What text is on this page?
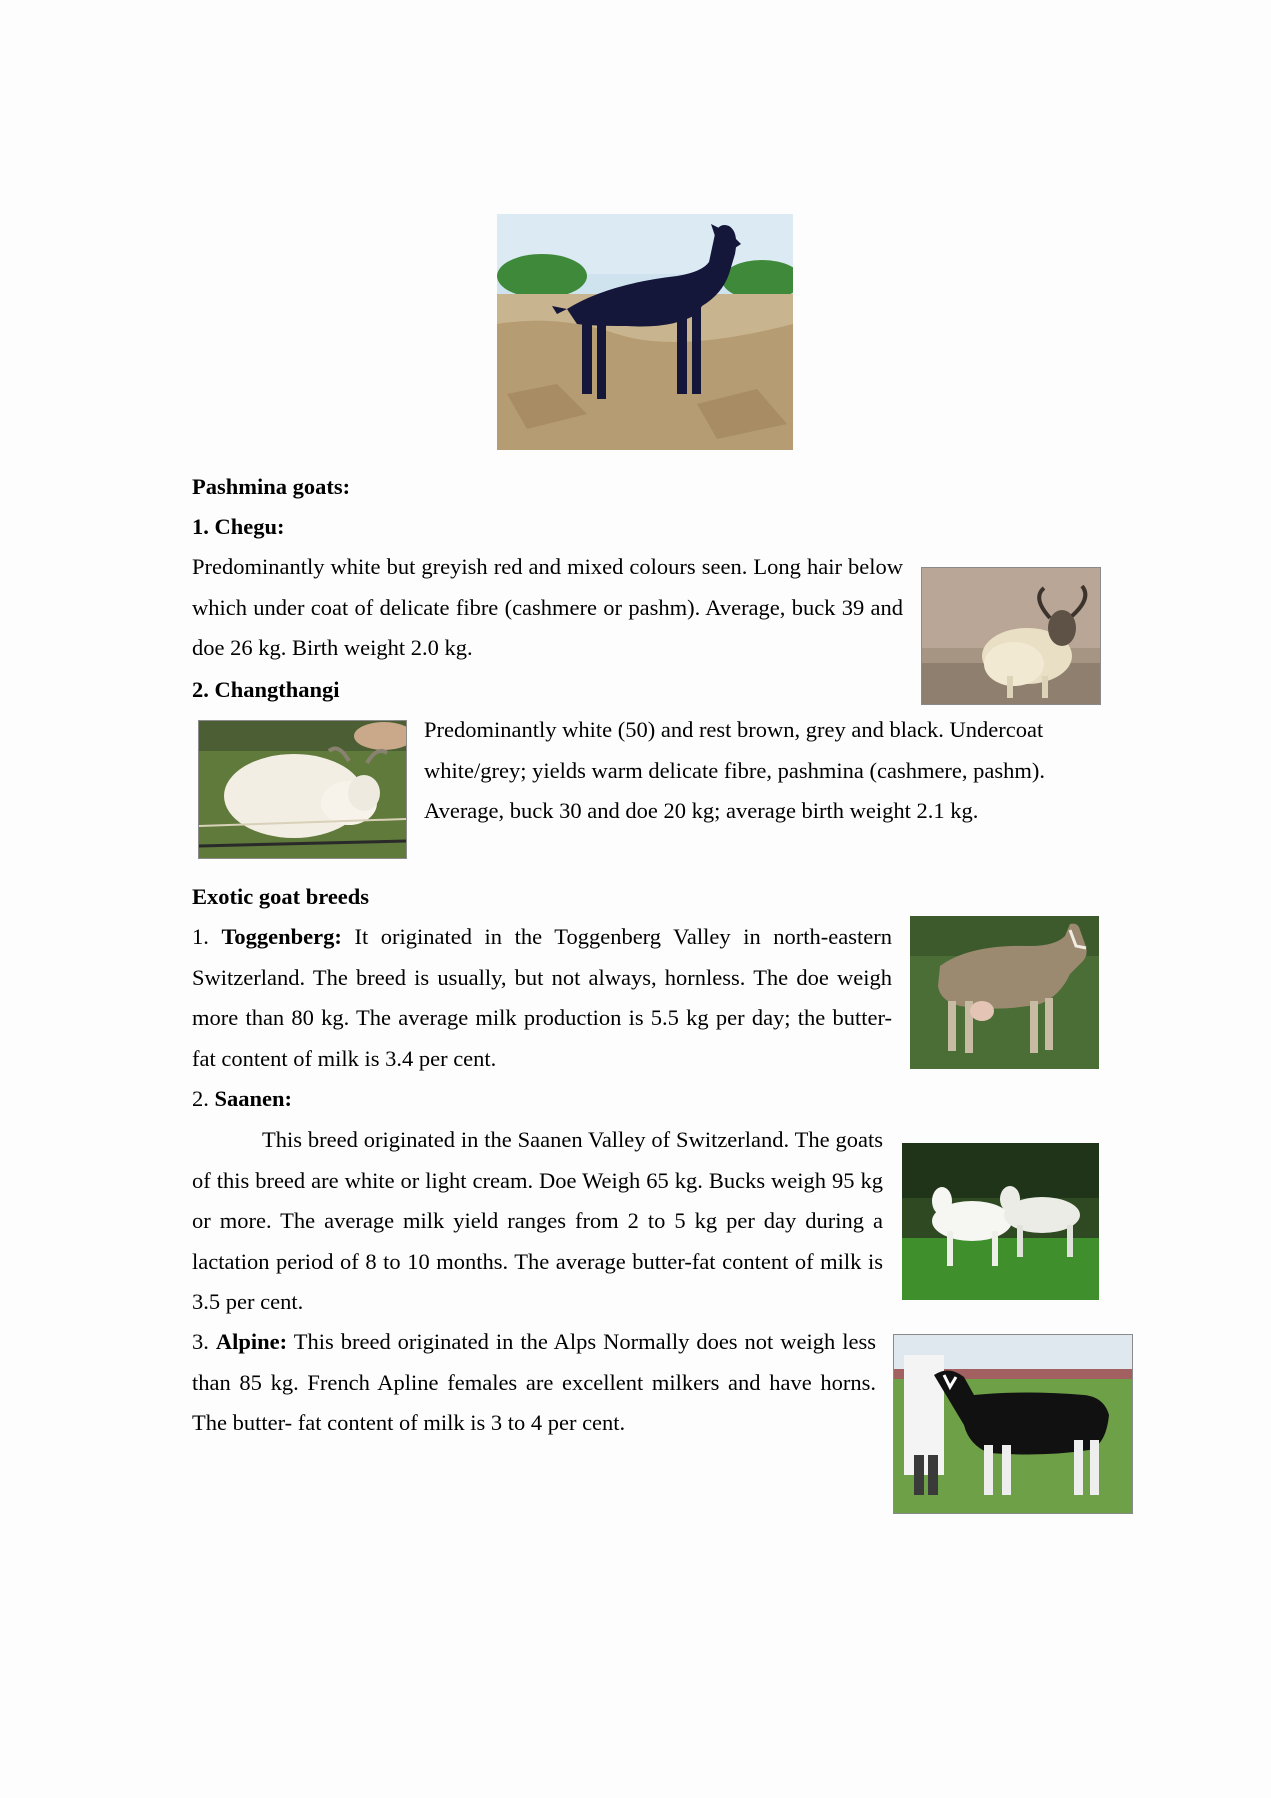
Pashmina goats:
1. Chegu:

Predominantly white but greyish red and mixed colours seen. Long hair below which under coat of delicate fibre (cashmere or pashm). Average, buck 39 and doe 26 kg. Birth weight 2.0 kg.

2. Changthangi

Predominantly white (50) and rest brown, grey and black. Undercoat white/grey; yields warm delicate fibre, pashmina (cashmere, pashm). Average, buck 30 and doe 20 kg; average birth weight 2.1 kg.

Exotic goat breeds

1. Toggenberg: It originated in the Toggenberg Valley in north-eastern Switzerland. The breed is usually, but not always, hornless. The doe weigh more than 80 kg. The average milk production is 5.5 kg per day; the butter-fat content of milk is 3.4 per cent.

2. Saanen:

This breed originated in the Saanen Valley of Switzerland. The goats of this breed are white or light cream. Doe Weigh 65 kg. Bucks weigh 95 kg or more. The average milk yield ranges from 2 to 5 kg per day during a lactation period of 8 to 10 months. The average butter-fat content of milk is 3.5 per cent.

3. Alpine: This breed originated in the Alps Normally does not weigh less than 85 kg. French Apline females are excellent milkers and have horns. The butter- fat content of milk is 3 to 4 per cent.
